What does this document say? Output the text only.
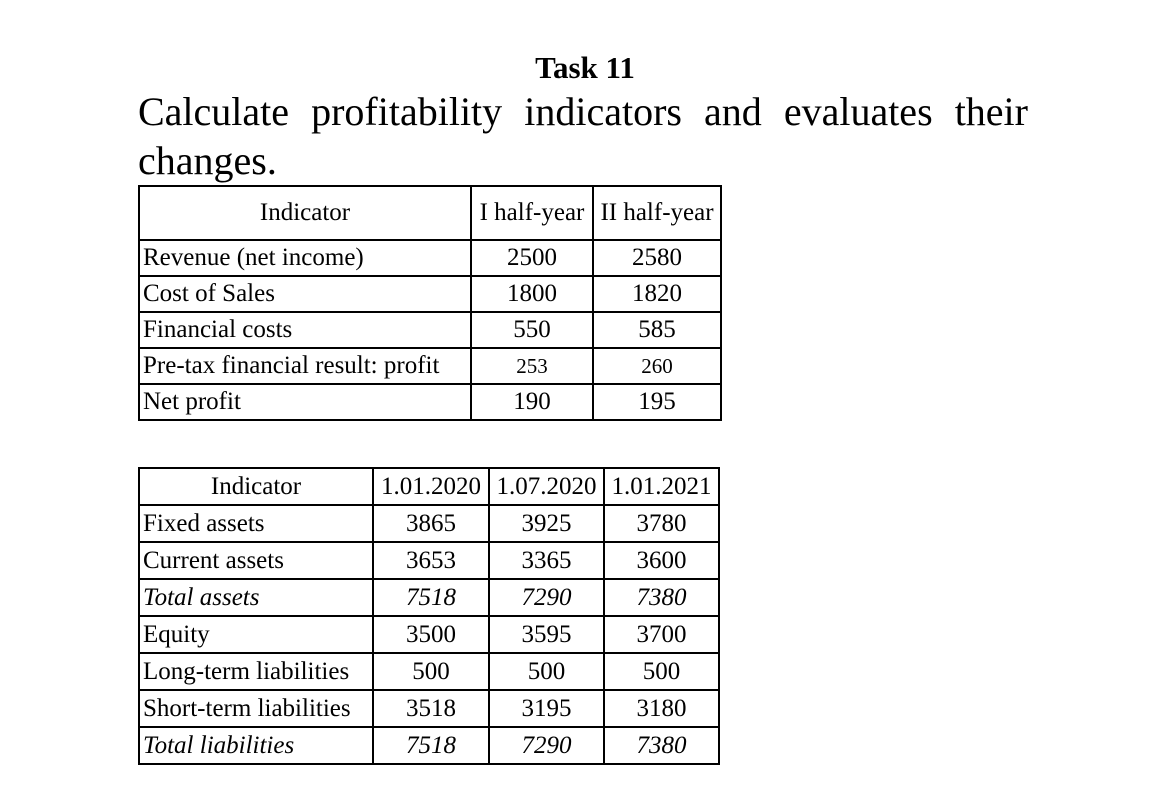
Task 11
Calculate profitability indicators and evaluates their changes.
Indicator	I half-year	II half-year
Revenue (net income)	2500	2580
Cost of Sales	1800	1820
Financial costs	550	585
Pre-tax financial result: profit	253	260
Net profit	190	195
Indicator	1.01.2020	1.07.2020	1.01.2021
Fixed assets	3865	3925	3780
Current assets	3653	3365	3600
Total assets	7518	7290	7380
Equity	3500	3595	3700
Long-term liabilities	500	500	500
Short-term liabilities	3518	3195	3180
Total liabilities	7518	7290	7380
